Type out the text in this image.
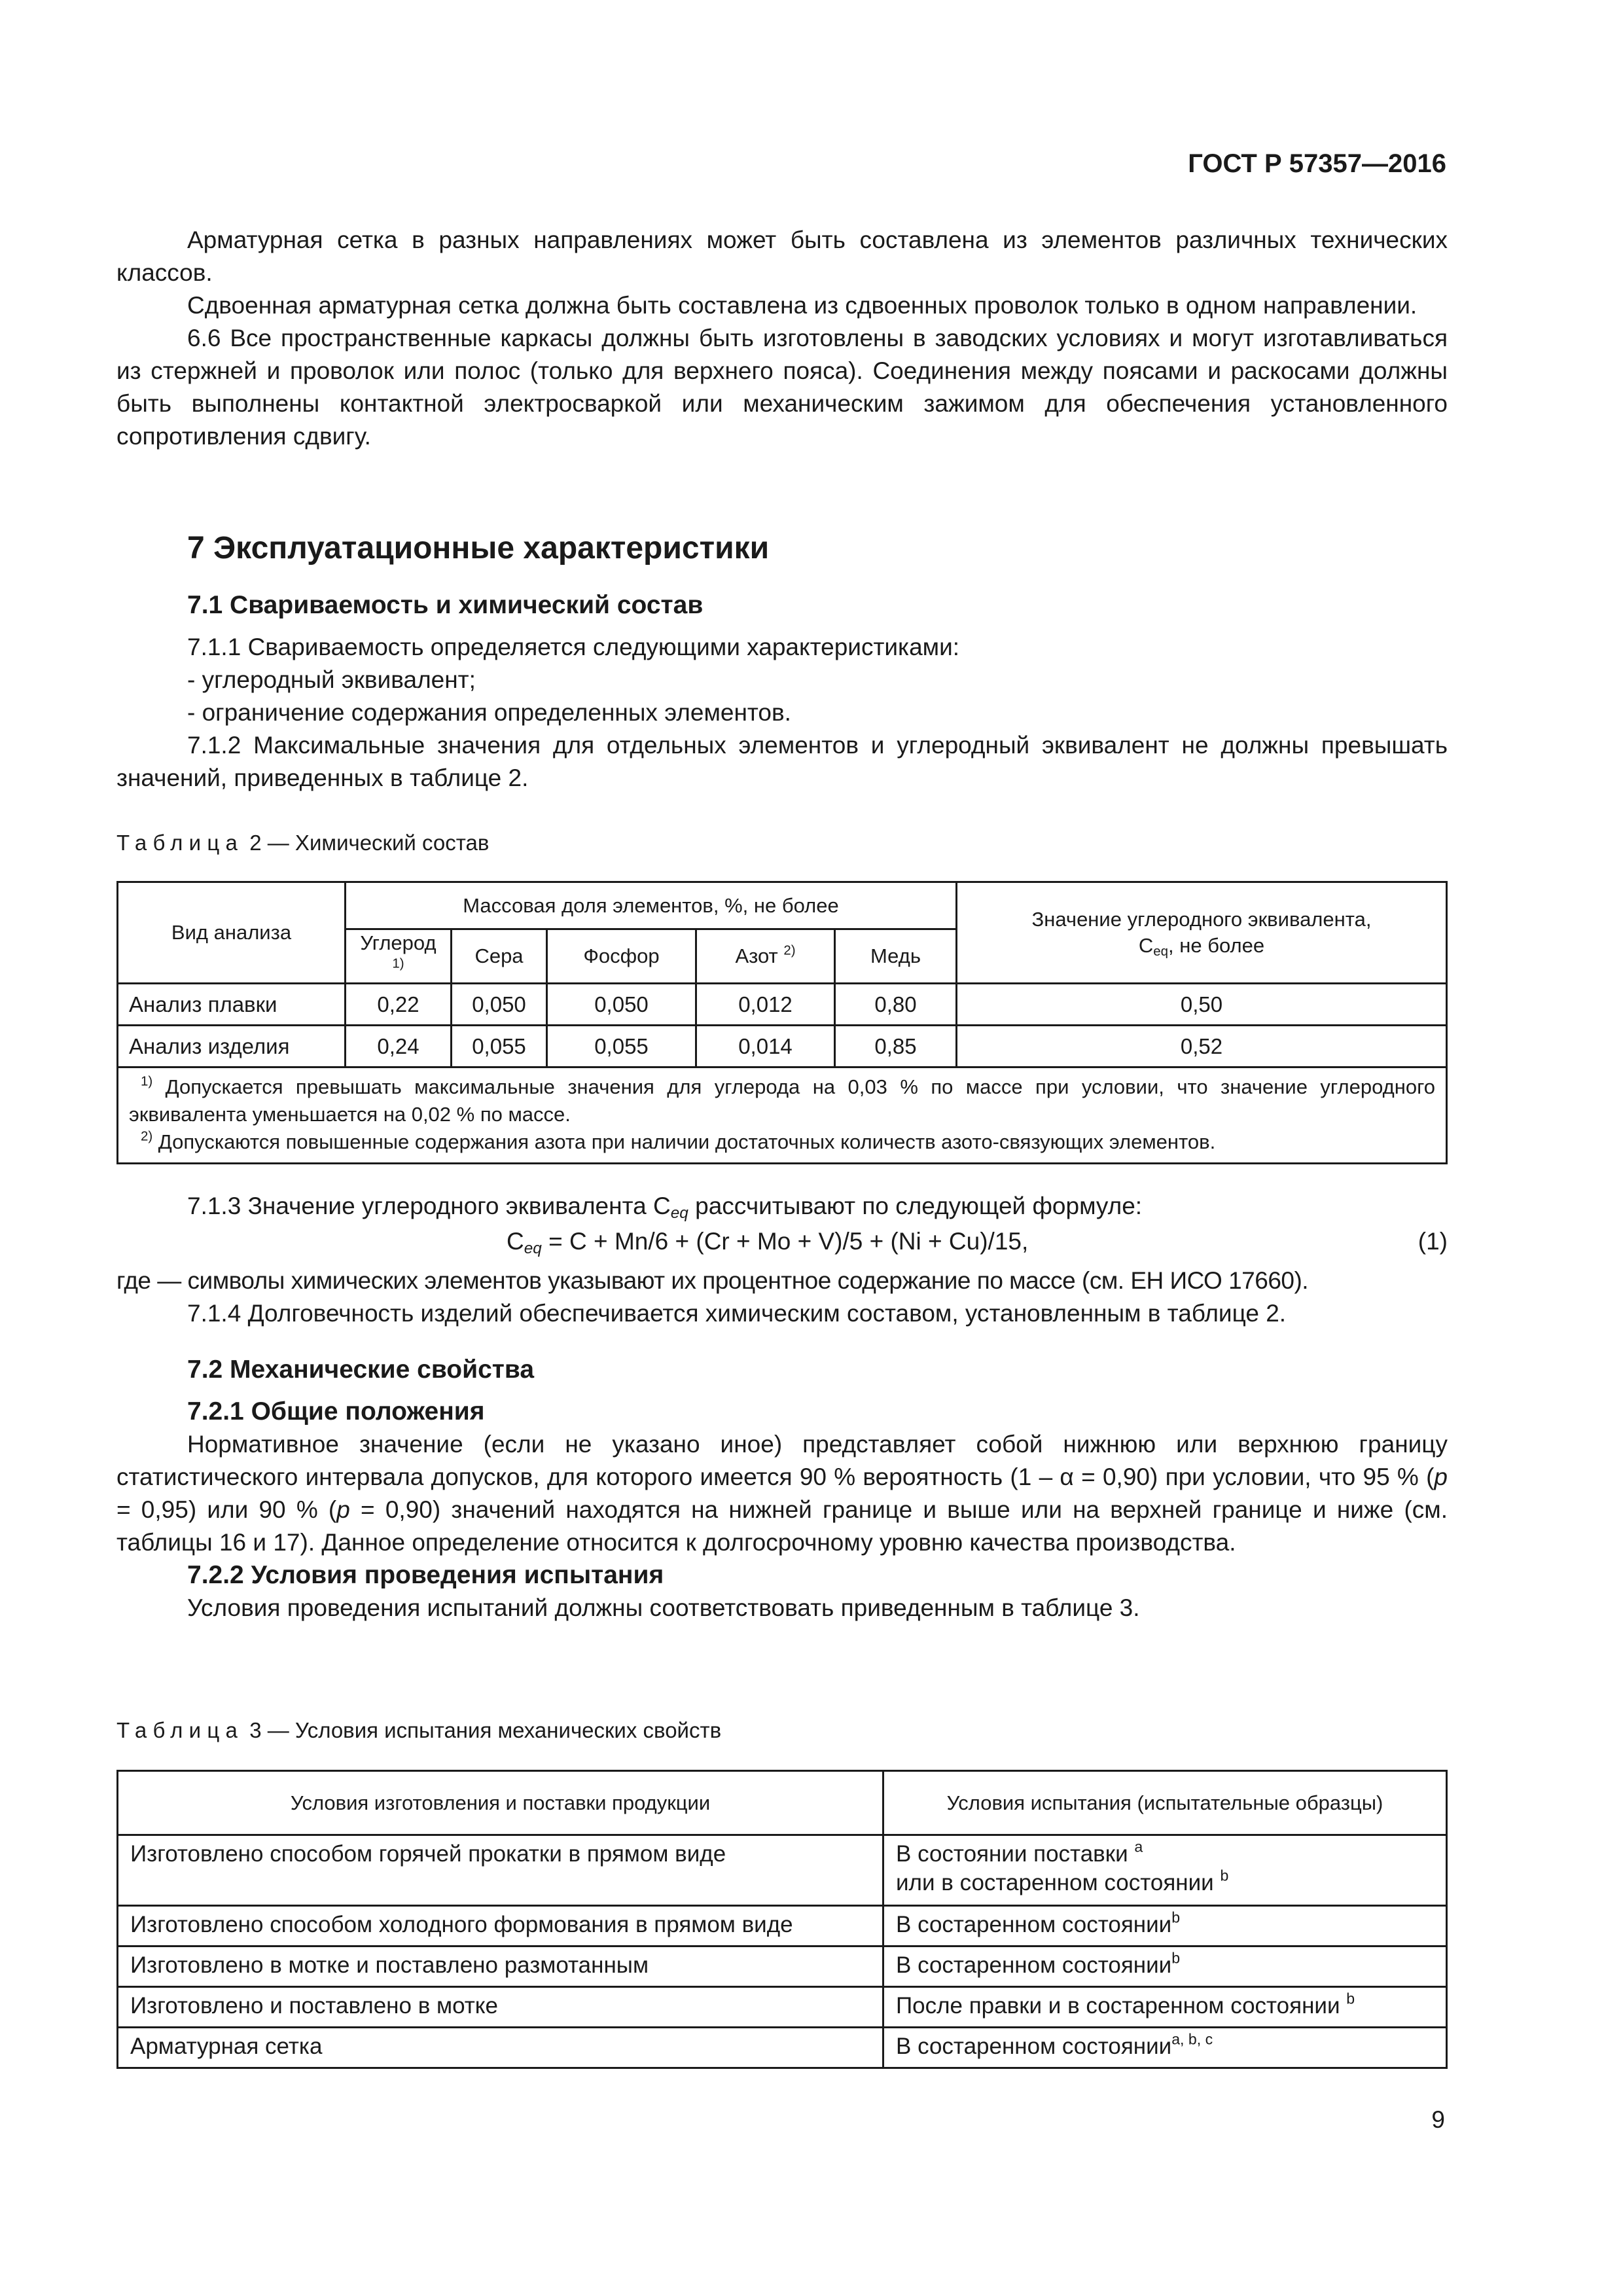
ГОСТ Р 57357—2016

Арматурная сетка в разных направлениях может быть составлена из элементов различных технических классов.

Сдвоенная арматурная сетка должна быть составлена из сдвоенных проволок только в одном направлении.

6.6 Все пространственные каркасы должны быть изготовлены в заводских условиях и могут изготавливаться из стержней и проволок или полос (только для верхнего пояса). Соединения между поясами и раскосами должны быть выполнены контактной электросваркой или механическим зажимом для обеспечения установленного сопротивления сдвигу.

7 Эксплуатационные характеристики
7.1 Свариваемость и химический состав

7.1.1 Свариваемость определяется следующими характеристиками:

- углеродный эквивалент;

- ограничение содержания определенных элементов.

7.1.2 Максимальные значения для отдельных элементов и углеродный эквивалент не должны превышать значений, приведенных в таблице 2.

Таблица 2 — Химический состав

Вид анализа	Массовая доля элементов, %, не более					Значение углеродного эквивалента,
$C_{eq}$, не более
	Углерод $^{1)}$	Сера	Фосфор	Азот $^{2)}$	Медь	
Анализ плавки	0,22	0,050	0,050	0,012	0,80	0,50
Анализ изделия	0,24	0,055	0,055	0,014	0,85	0,52

$^{1)}$ Допускается превышать максимальные значения для углерода на 0,03 % по массе при условии, что значение углеродного эквивалента уменьшается на 0,02 % по массе.

$^{2)}$ Допускаются повышенные содержания азота при наличии достаточных количеств азото-связующих элементов.						

7.1.3 Значение углеродного эквивалента $C_{eq}$ рассчитывают по следующей формуле:

$C_{eq} = C + Mn/6 + (Cr + Mo + V)/5 + (Ni + Cu)/15$,	(1)

где — символы химических элементов указывают их процентное содержание по массе (см. ЕН ИСО 17660).

7.1.4 Долговечность изделий обеспечивается химическим составом, установленным в таблице 2.

7.2 Механические свойства
7.2.1 Общие положения

Нормативное значение (если не указано иное) представляет собой нижнюю или верхнюю границу статистического интервала допусков, для которого имеется 90 % вероятность (1 – α = 0,90) при условии, что 95 % (p = 0,95) или 90 % (p = 0,90) значений находятся на нижней границе и выше или на верхней границе и ниже (см. таблицы 16 и 17). Данное определение относится к долгосрочному уровню качества производства.

7.2.2 Условия проведения испытания

Условия проведения испытаний должны соответствовать приведенным в таблице 3.

Таблица 3 — Условия испытания механических свойств

Условия изготовления и поставки продукции	Условия испытания (испытательные образцы)
Изготовлено способом горячей прокатки в прямом виде	В состоянии поставки $^a$
или в состаренном состоянии $^b$
Изготовлено способом холодного формования в прямом виде	В состаренном состоянии$^b$
Изготовлено в мотке и поставлено размотанным	В состаренном состоянии$^b$
Изготовлено и поставлено в мотке	После правки и в состаренном состоянии $^b$
Арматурная сетка	В состаренном состоянии$^{a, b, c}$
9
